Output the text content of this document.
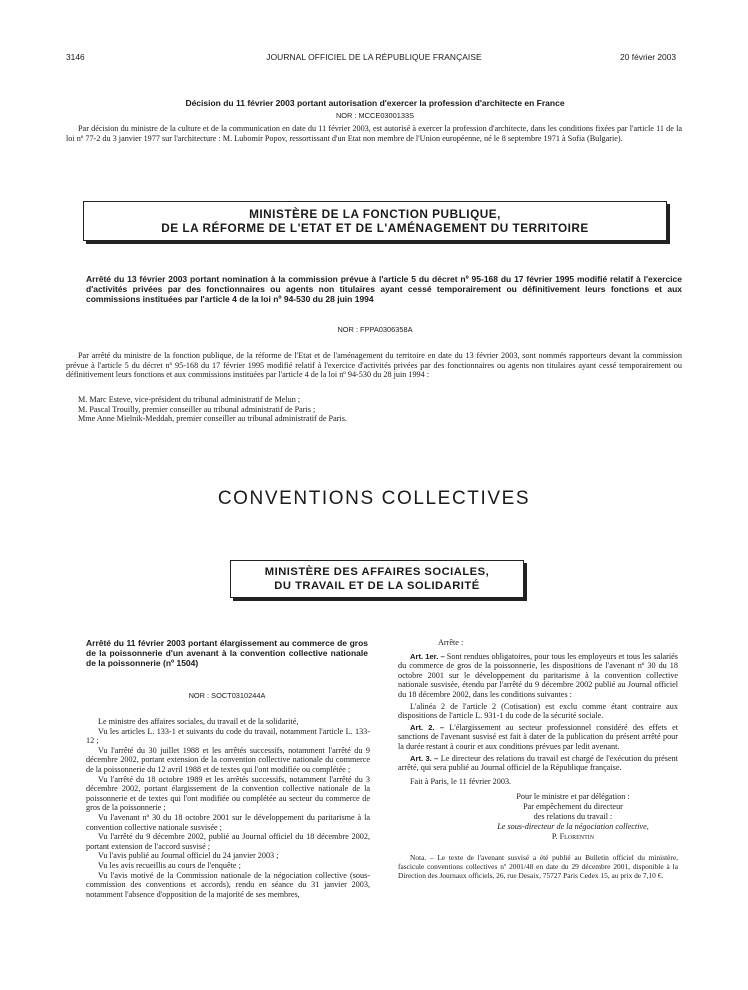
3146	JOURNAL OFFICIEL DE LA RÉPUBLIQUE FRANÇAISE	20 février 2003
Décision du 11 février 2003 portant autorisation d'exercer la profession d'architecte en France
NOR : MCCE0300133S
Par décision du ministre de la culture et de la communication en date du 11 février 2003, est autorisé à exercer la profession d'architecte, dans les conditions fixées par l'article 11 de la loi nº 77-2 du 3 janvier 1977 sur l'architecture : M. Lubomir Popov, ressortissant d'un Etat non membre de l'Union européenne, né le 8 septembre 1971 à Sofia (Bulgarie).
MINISTÈRE DE LA FONCTION PUBLIQUE,
DE LA RÉFORME DE L'ETAT ET DE L'AMÉNAGEMENT DU TERRITOIRE
Arrêté du 13 février 2003 portant nomination à la commission prévue à l'article 5 du décret nº 95-168 du 17 février 1995 modifié relatif à l'exercice d'activités privées par des fonctionnaires ou agents non titulaires ayant cessé temporairement ou définitivement leurs fonctions et aux commissions instituées par l'article 4 de la loi nº 94-530 du 28 juin 1994
NOR : FPPA0306358A
Par arrêté du ministre de la fonction publique, de la réforme de l'Etat et de l'aménagement du territoire en date du 13 février 2003, sont nommés rapporteurs devant la commission prévue à l'article 5 du décret nº 95-168 du 17 février 1995 modifié relatif à l'exercice d'activités privées par des fonctionnaires ou agents non titulaires ayant cessé temporairement ou définitivement leurs fonctions et aux commissions instituées par l'article 4 de la loi nº 94-530 du 28 juin 1994 :

M. Marc Esteve, vice-président du tribunal administratif de Melun ;

M. Pascal Trouilly, premier conseiller au tribunal administratif de Paris ;

Mme Anne Mielnik-Meddah, premier conseiller au tribunal administratif de Paris.

CONVENTIONS COLLECTIVES
MINISTÈRE DES AFFAIRES SOCIALES,
DU TRAVAIL ET DE LA SOLIDARITÉ
Arrêté du 11 février 2003 portant élargissement au commerce de gros de la poissonnerie d'un avenant à la convention collective nationale de la poissonnerie (nº 1504)
NOR : SOCT0310244A

Le ministre des affaires sociales, du travail et de la solidarité,

Vu les articles L. 133-1 et suivants du code du travail, notamment l'article L. 133-12 ;

Vu l'arrêté du 30 juillet 1988 et les arrêtés successifs, notamment l'arrêté du 9 décembre 2002, portant extension de la convention collective nationale du commerce de la poissonnerie du 12 avril 1988 et de textes qui l'ont modifiée ou complétée ;

Vu l'arrêté du 18 octobre 1989 et les arrêtés successifs, notamment l'arrêté du 3 décembre 2002, portant élargissement de la convention collective nationale de la poissonnerie et de textes qui l'ont modifiée ou complétée au secteur du commerce de gros de la poissonnerie ;

Vu l'avenant nº 30 du 18 octobre 2001 sur le développement du paritarisme à la convention collective nationale susvisée ;

Vu l'arrêté du 9 décembre 2002, publié au Journal officiel du 18 décembre 2002, portant extension de l'accord susvisé ;

Vu l'avis publié au Journal officiel du 24 janvier 2003 ;

Vu les avis recueillis au cours de l'enquête ;

Vu l'avis motivé de la Commission nationale de la négociation collective (sous-commission des conventions et accords), rendu en séance du 31 janvier 2003, notamment l'absence d'opposition de la majorité de ses membres,

Arrête :

Art. 1er. – Sont rendues obligatoires, pour tous les employeurs et tous les salariés du commerce de gros de la poissonnerie, les dispositions de l'avenant nº 30 du 18 octobre 2001 sur le développement du paritarisme à la convention collective nationale susvisée, étendu par l'arrêté du 9 décembre 2002 publié au Journal officiel du 18 décembre 2002, dans les conditions suivantes :

L'alinéa 2 de l'article 2 (Cotisation) est exclu comme étant contraire aux dispositions de l'article L. 931-1 du code de la sécurité sociale.

Art. 2. – L'élargissement au secteur professionnel considéré des effets et sanctions de l'avenant susvisé est fait à dater de la publication du présent arrêté pour la durée restant à courir et aux conditions prévues par ledit avenant.

Art. 3. – Le directeur des relations du travail est chargé de l'exécution du présent arrêté, qui sera publié au Journal officiel de la République française.

Fait à Paris, le 11 février 2003.

Pour le ministre et par délégation :
Par empêchement du directeur
des relations du travail :
Le sous-directeur de la négociation collective,
P. Florentin

Nota. – Le texte de l'avenant susvisé a été publié au Bulletin officiel du ministère, fascicule conventions collectives nº 2001/48 en date du 29 décembre 2001, disponible à la Direction des Journaux officiels, 26, rue Desaix, 75727 Paris Cedex 15, au prix de 7,10 €.
